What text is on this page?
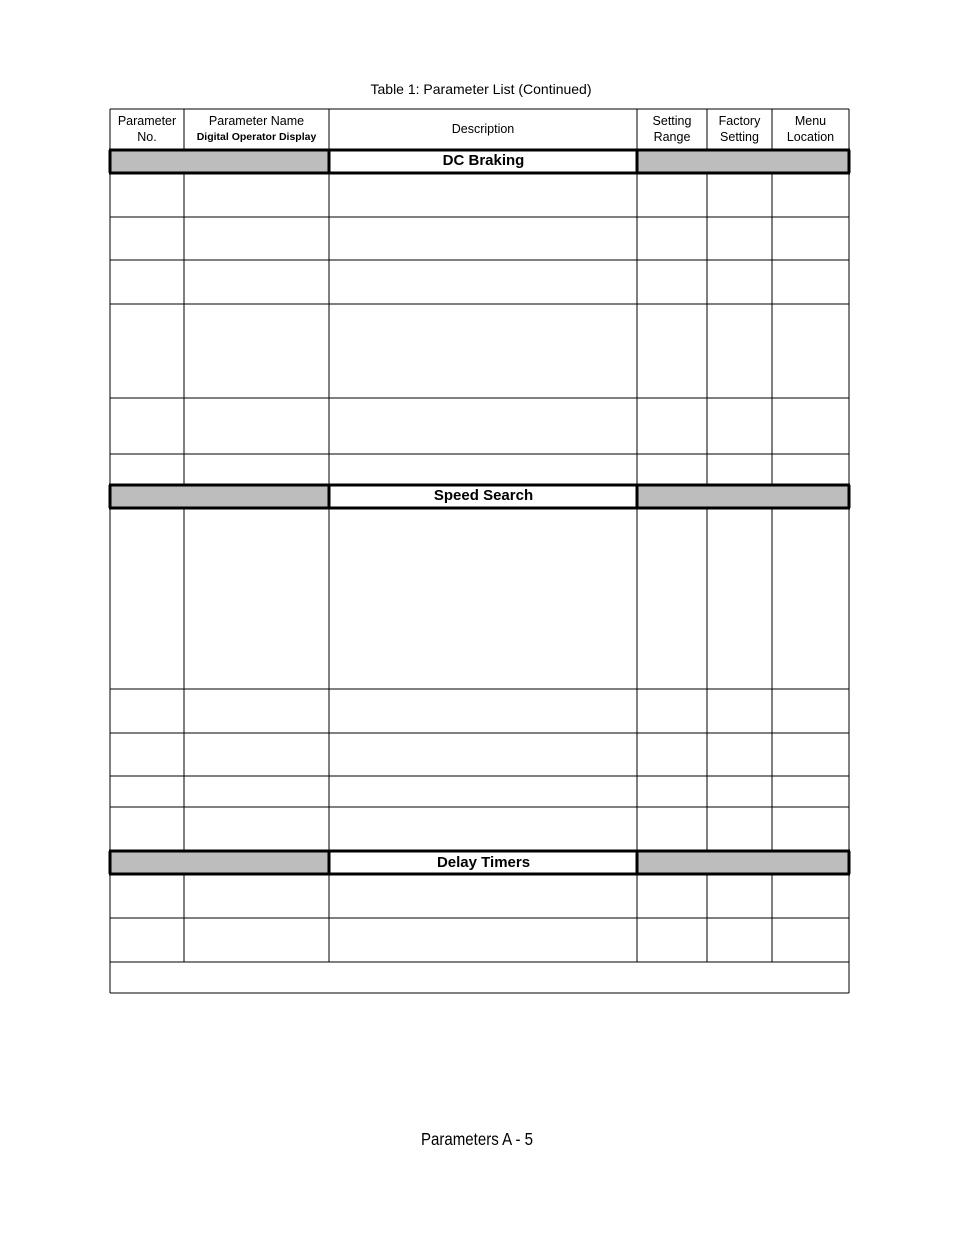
Table 1: Parameter List (Continued)
Parameter
No.
Parameter Name
Digital Operator Display
Description
Setting
Range
Factory
Setting
Menu
Location
DC Braking
Speed Search
Delay Timers
Parameters A - 5
